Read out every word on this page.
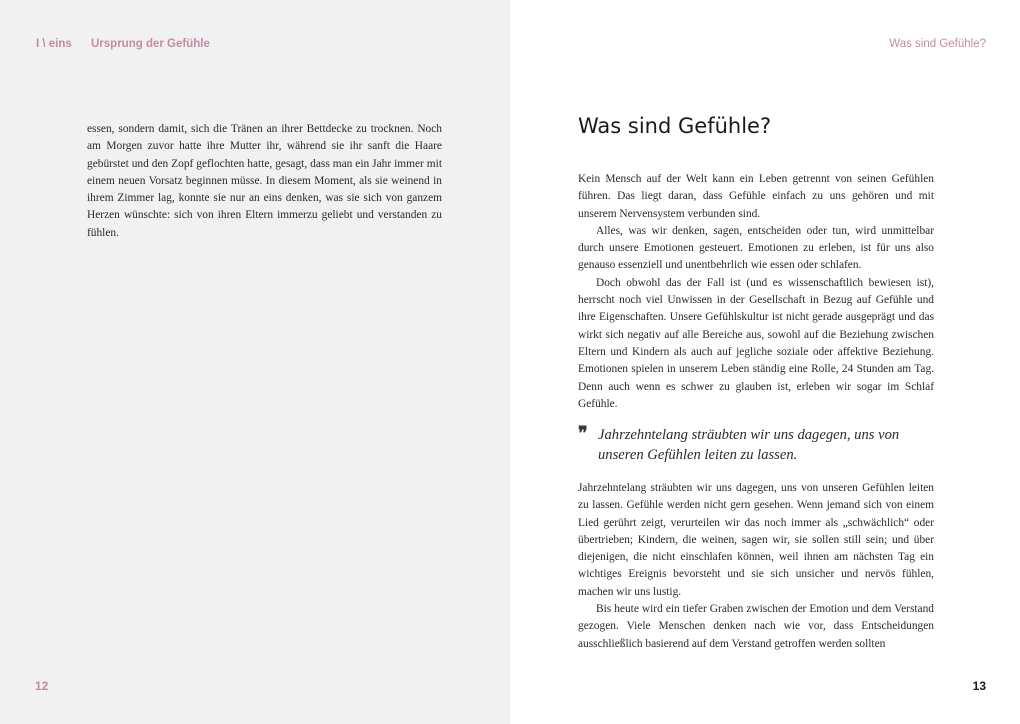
I \ eins Ursprung der Gefühle

essen, sondern damit, sich die Tränen an ihrer Bettdecke zu trocknen. Noch am Morgen zuvor hatte ihre Mutter ihr, während sie ihr sanft die Haare gebürstet und den Zopf geflochten hatte, gesagt, dass man ein Jahr immer mit einem neuen Vorsatz beginnen müsse. In diesem Moment, als sie weinend in ihrem Zimmer lag, konnte sie nur an eins denken, was sie sich von ganzem Herzen wünschte: sich von ihren Eltern immerzu geliebt und verstanden zu fühlen.

12
Was sind Gefühle?
Was sind Gefühle?

Kein Mensch auf der Welt kann ein Leben getrennt von seinen Gefühlen führen. Das liegt daran, dass Gefühle einfach zu uns gehören und mit unserem Nervensystem verbunden sind.

Alles, was wir denken, sagen, entscheiden oder tun, wird unmittelbar durch unsere Emotionen gesteuert. Emotionen zu erleben, ist für uns also genauso essenziell und unentbehrlich wie essen oder schlafen.

Doch obwohl das der Fall ist (und es wissenschaftlich bewiesen ist), herrscht noch viel Unwissen in der Gesellschaft in Bezug auf Gefühle und ihre Eigenschaften. Unsere Gefühlskultur ist nicht gerade ausgeprägt und das wirkt sich negativ auf alle Bereiche aus, sowohl auf die Beziehung zwischen Eltern und Kindern als auch auf jegliche soziale oder affektive Beziehung. Emotionen spielen in unserem Leben ständig eine Rolle, 24 Stunden am Tag. Denn auch wenn es schwer zu glauben ist, erleben wir sogar im Schlaf Gefühle.

❞ Jahrzehntelang sträubten wir uns dagegen, uns von
unseren Gefühlen leiten zu lassen.

Jahrzehntelang sträubten wir uns dagegen, uns von unseren Gefühlen leiten zu lassen. Gefühle werden nicht gern gesehen. Wenn jemand sich von einem Lied gerührt zeigt, verurteilen wir das noch immer als „schwächlich“ oder übertrieben; Kindern, die weinen, sagen wir, sie sollen still sein; und über diejenigen, die nicht einschlafen können, weil ihnen am nächsten Tag ein wichtiges Ereignis bevorsteht und sie sich unsicher und nervös fühlen, machen wir uns lustig.

Bis heute wird ein tiefer Graben zwischen der Emotion und dem Verstand gezogen. Viele Menschen denken nach wie vor, dass Entscheidungen ausschließlich basierend auf dem Verstand getroffen werden sollten

13
